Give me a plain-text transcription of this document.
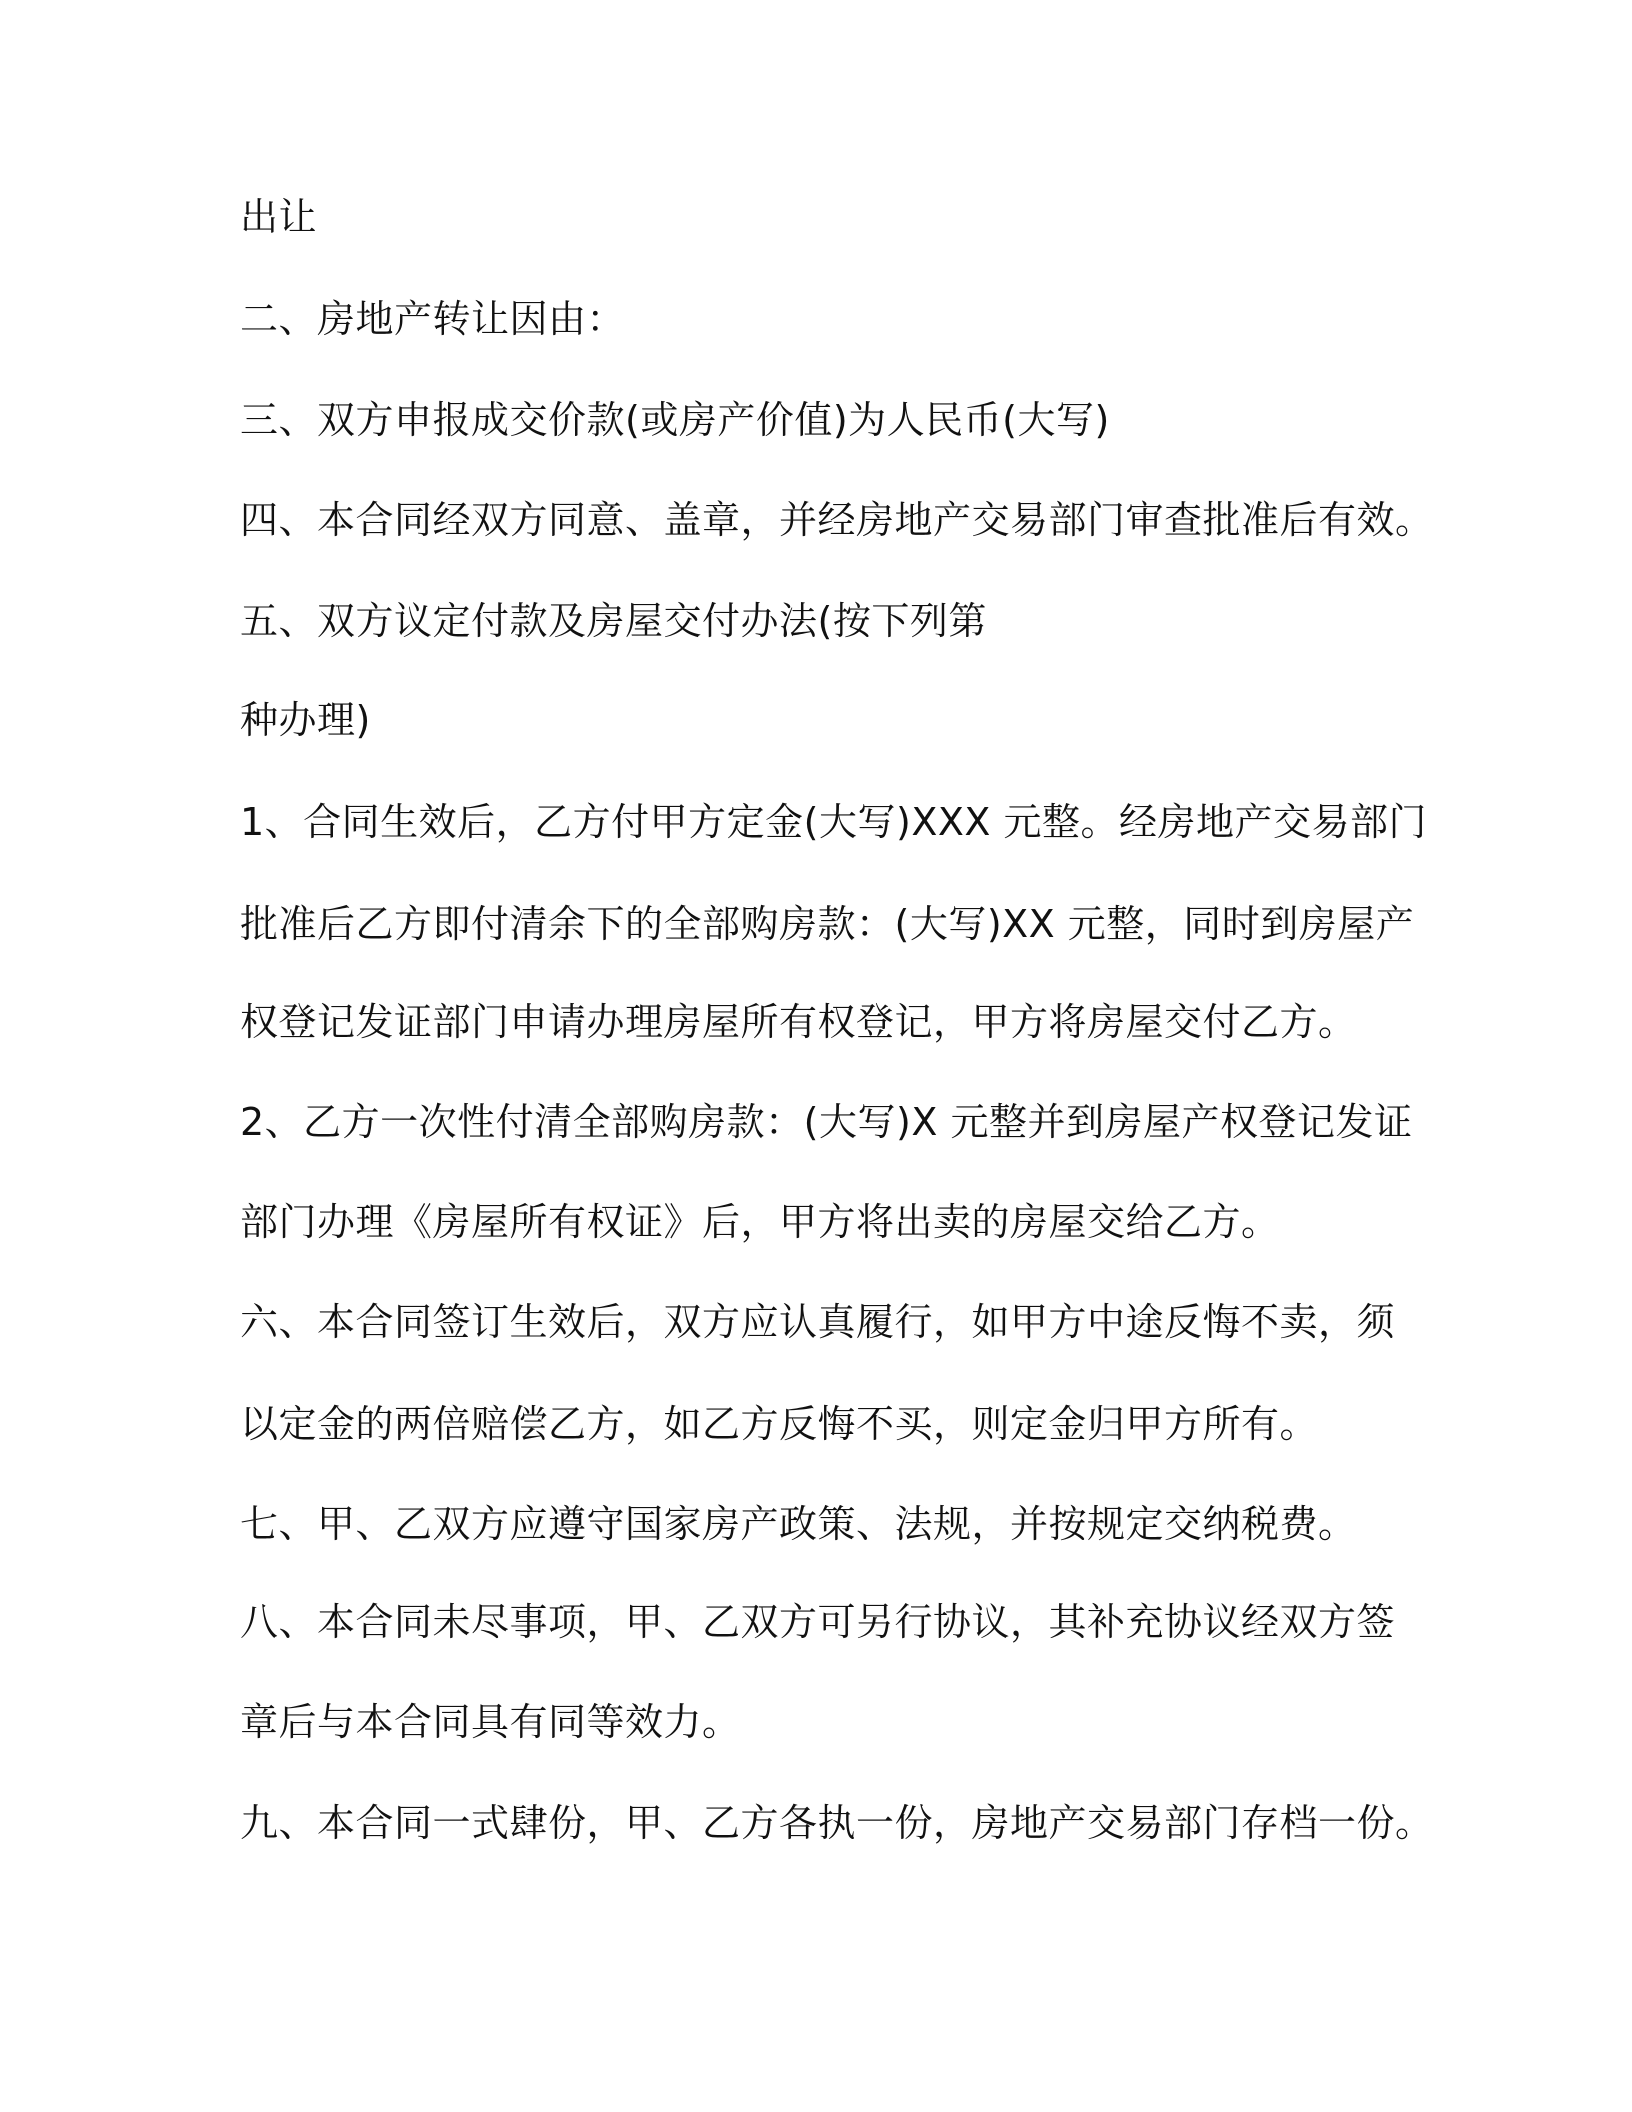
出让
二、房地产转让因由：
三、双方申报成交价款(或房产价值)为人民币(大写)
四、本合同经双方同意、盖章，并经房地产交易部门审查批准后有效。
五、双方议定付款及房屋交付办法(按下列第
种办理)
1、合同生效后，乙方付甲方定金(大写)XXX 元整。经房地产交易部门
批准后乙方即付清余下的全部购房款：(大写)XX 元整，同时到房屋产
权登记发证部门申请办理房屋所有权登记，甲方将房屋交付乙方。
2、乙方一次性付清全部购房款：(大写)X 元整并到房屋产权登记发证
部门办理《房屋所有权证》后，甲方将出卖的房屋交给乙方。
六、本合同签订生效后，双方应认真履行，如甲方中途反悔不卖，须
以定金的两倍赔偿乙方，如乙方反悔不买，则定金归甲方所有。
七、甲、乙双方应遵守国家房产政策、法规，并按规定交纳税费。
八、本合同未尽事项，甲、乙双方可另行协议，其补充协议经双方签
章后与本合同具有同等效力。
九、本合同一式肆份，甲、乙方各执一份，房地产交易部门存档一份。
